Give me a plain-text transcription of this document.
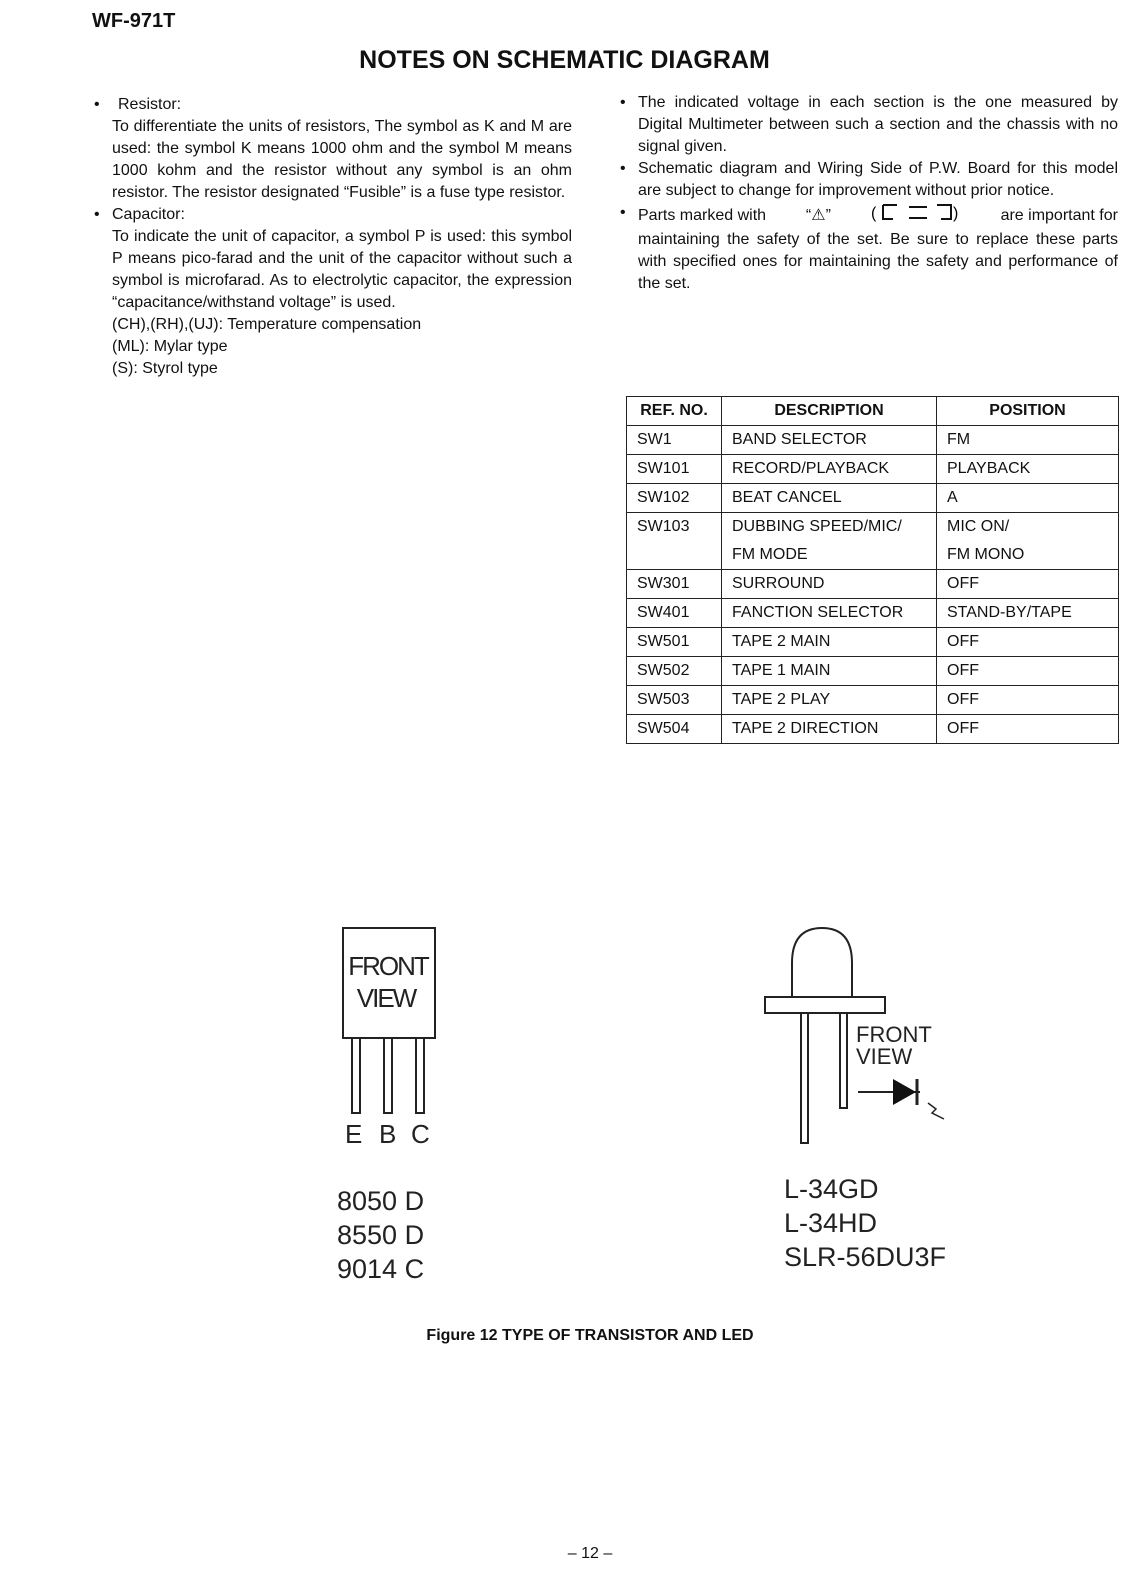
WF-971T
NOTES ON SCHEMATIC DIAGRAM
•	Resistor:
To differentiate the units of resistors, The symbol as K and M are used: the symbol K means 1000 ohm and the symbol M means 1000 kohm and the resistor without any symbol is an ohm resistor. The resistor designated “Fusible” is a fuse type resistor.
• Capacitor:
To indicate the unit of capacitor, a symbol P is used: this symbol P means pico-farad and the unit of the capacitor without such a symbol is microfarad. As to electrolytic capacitor, the expression “capacitance/withstand voltage” is used.
(CH),(RH),(UJ): Temperature compensation
(ML): Mylar type
(S): Styrol type
• The indicated voltage in each section is the one measured by Digital Multimeter between such a section and the chassis with no signal given.
• Schematic diagram and Wiring Side of P.W. Board for this model are subject to change for improvement without prior notice.
• Parts marked with “⚠” (	)	are important for
maintaining the safety of the set. Be sure to replace these parts with specified ones for maintaining the safety and performance of the set.
REF. NO.	DESCRIPTION	POSITION
SW1	BAND SELECTOR	FM
SW101	RECORD/PLAYBACK	PLAYBACK
SW102	BEAT CANCEL	A
SW103	DUBBING SPEED/MIC/	MIC ON/
	FM MODE	FM MONO
SW301	SURROUND	OFF
SW401	FANCTION SELECTOR	STAND-BY/TAPE
SW501	TAPE 2 MAIN	OFF
SW502	TAPE 1 MAIN	OFF
SW503	TAPE 2 PLAY	OFF
SW504	TAPE 2 DIRECTION	OFF
FRONT
VIEW
E B C
8050 D
8550 D
9014 C
FRONT
VIEW
L-34GD
L-34HD
SLR-56DU3F
Figure 12 TYPE OF TRANSISTOR AND LED
– 12 –
